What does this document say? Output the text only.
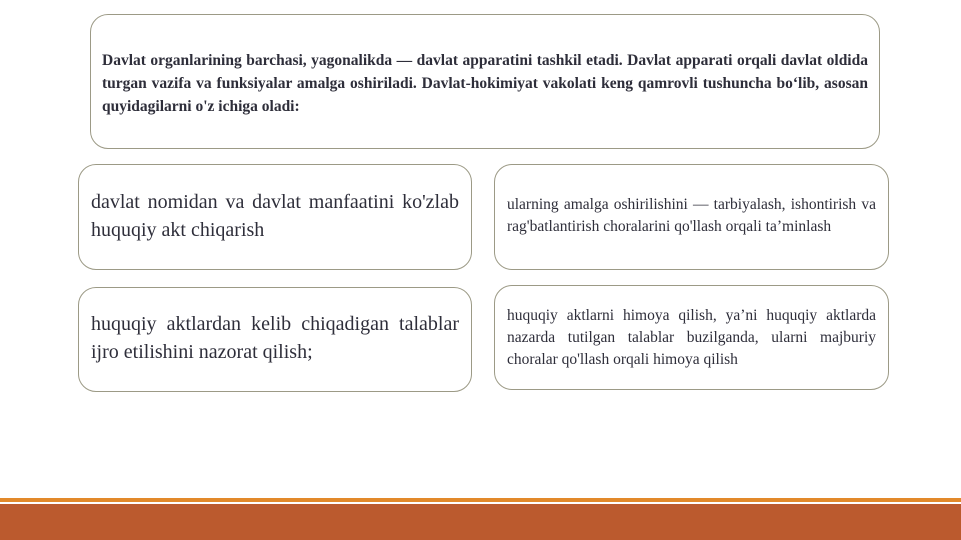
Davlat organlarining barchasi, yagonalikda — davlat apparatini tashkil etadi. Davlat apparati orqali davlat oldida turgan vazifa va funksiyalar amalga oshiriladi. Davlat-hokimiyat vakolati keng qamrovli tushuncha bo‘lib, asosan quyidagilarni o'z ichiga oladi:

davlat nomidan va davlat manfaatini ko'zlab huquqiy akt chiqarish

ularning amalga oshirilishini — tarbiyalash, ishontirish va rag'batlantirish choralarini qo'llash orqali ta’minlash

huquqiy aktlardan kelib chiqadigan talablar ijro etilishini nazorat qilish;

huquqiy aktlarni himoya qilish, ya’ni huquqiy aktlarda nazarda tutilgan talablar buzilganda, ularni majburiy choralar qo'llash orqali himoya qilish
